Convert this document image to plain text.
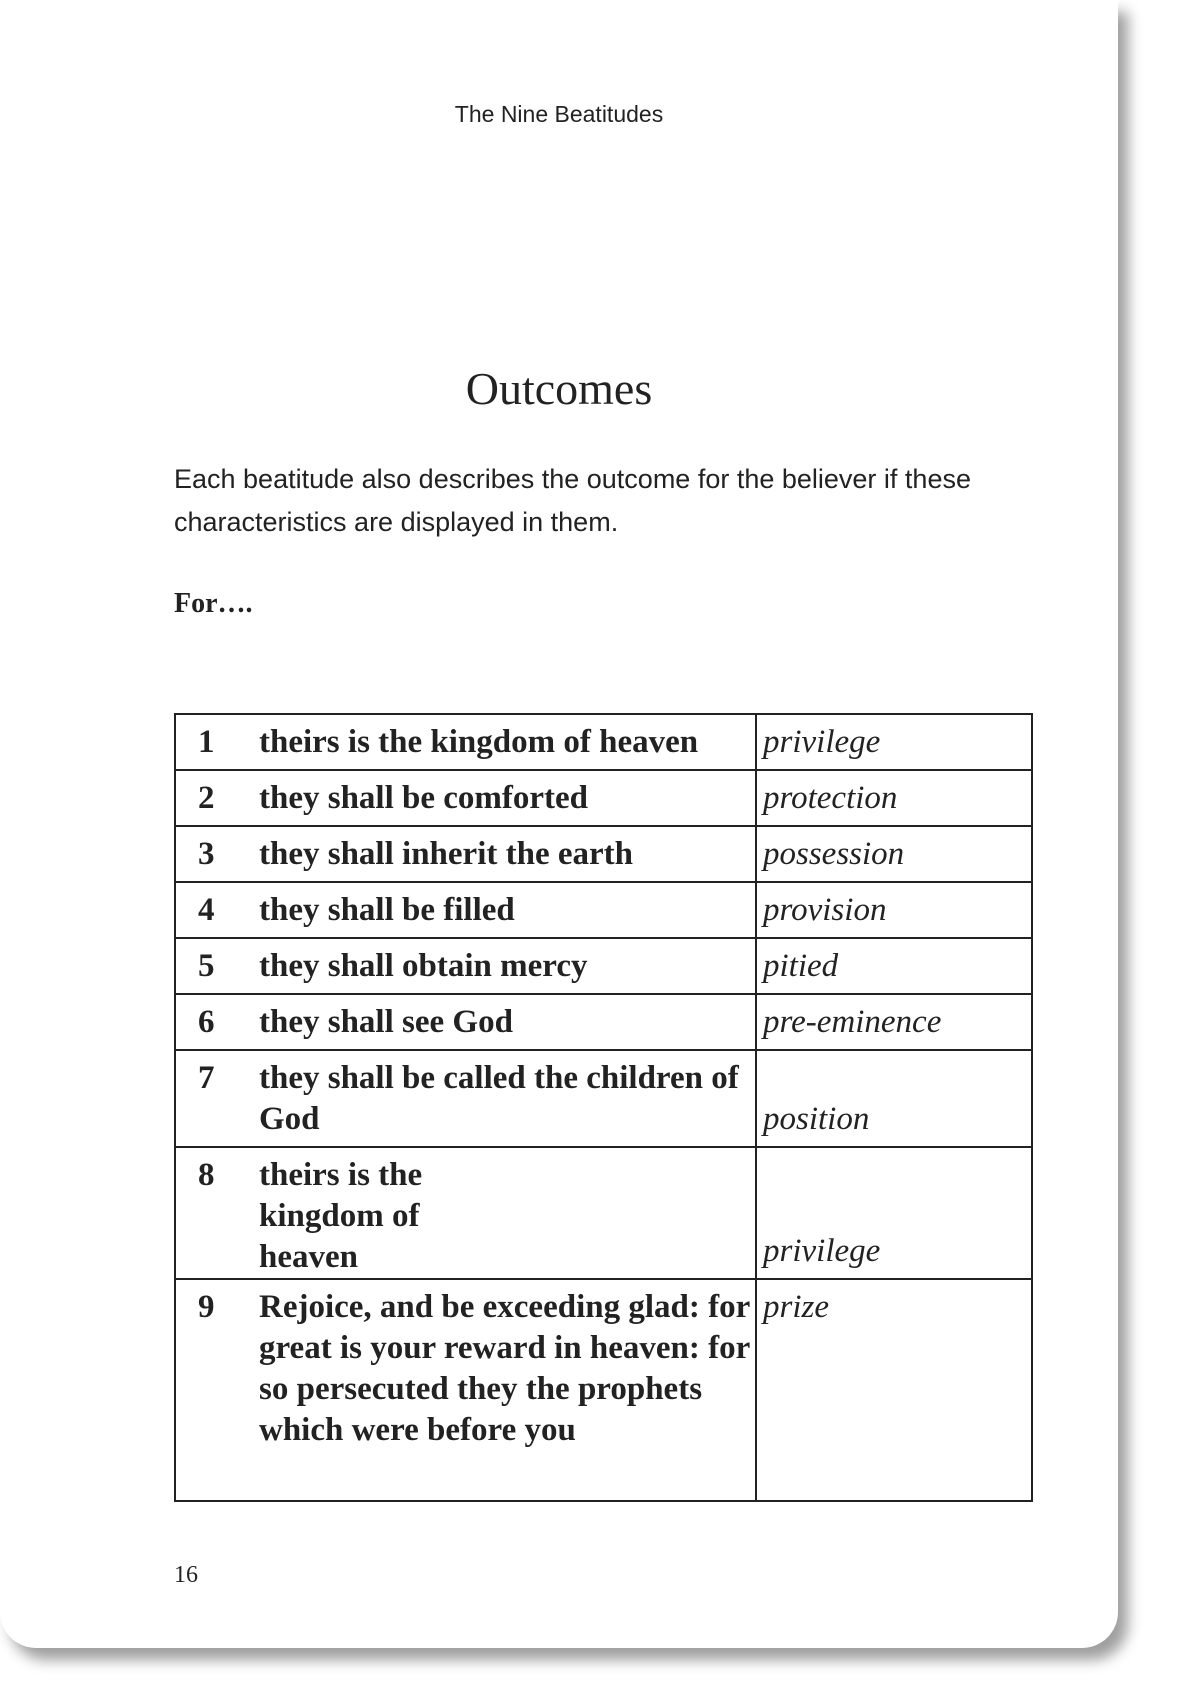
The Nine Beatitudes
Outcomes
Each beatitude also describes the outcome for the believer if these characteristics are displayed in them.
For….
1 theirs is the kingdom of heaven	privilege

2 they shall be comforted	protection

3 they shall inherit the earth	possession

4 they shall be filled	provision

5 they shall obtain mercy	pitied

6 they shall see God	pre-eminence

7 they shall be called the children of God	position

8 theirs is the kingdom of heaven	privilege

9 Rejoice, and be exceeding glad: for great is your reward in heaven: for so persecuted they the prophets which were before you	prize
16
